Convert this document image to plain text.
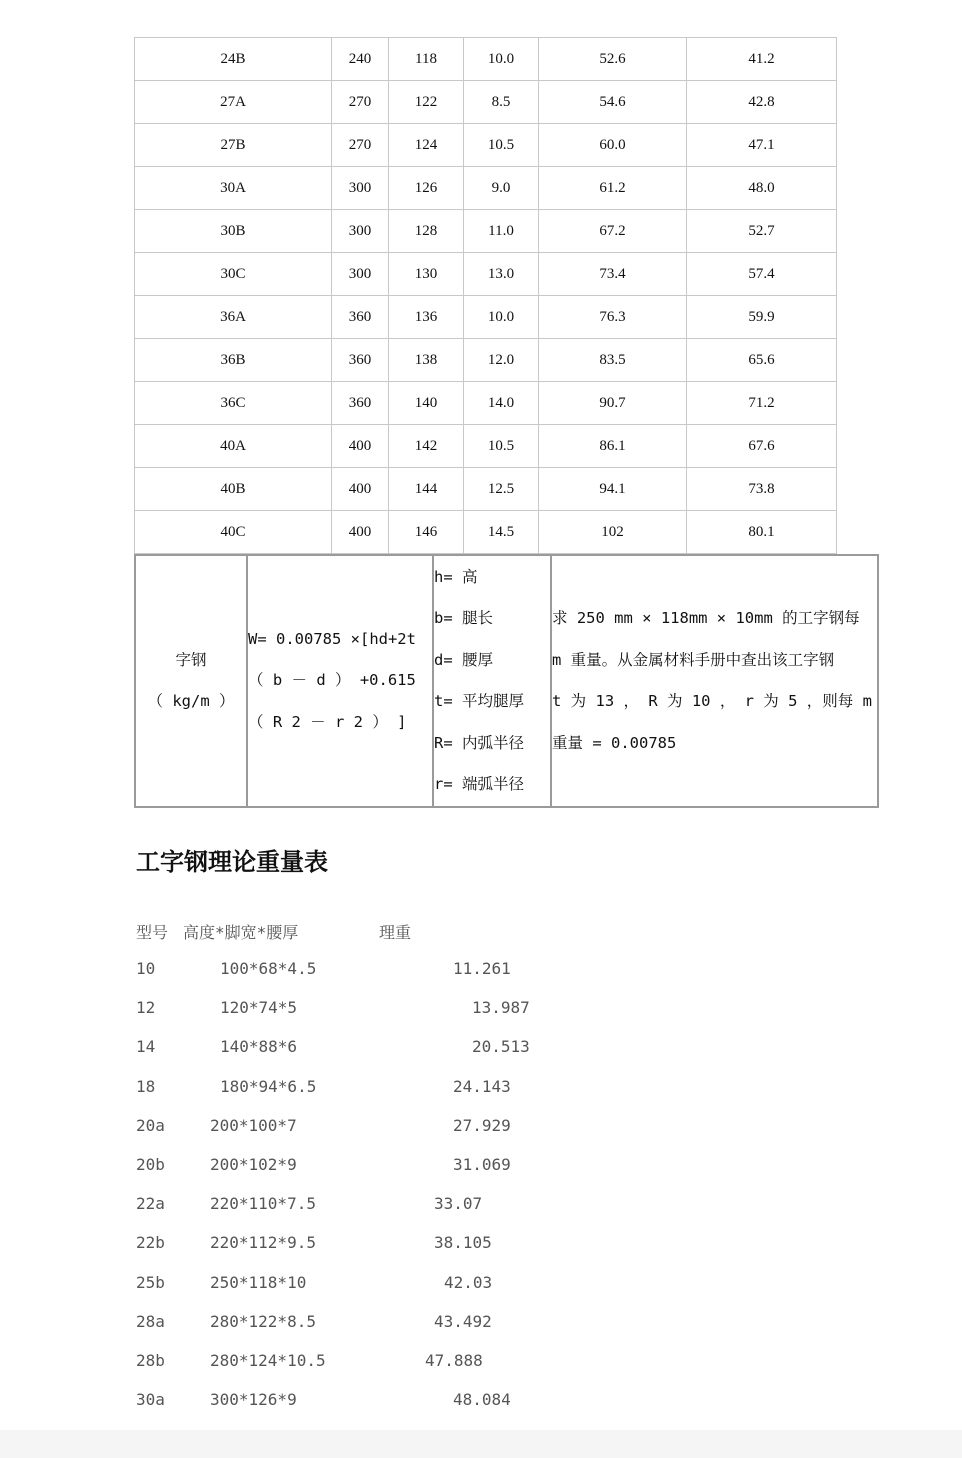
24B	240	118	10.0	52.6	41.2
27A	270	122	8.5	54.6	42.8
27B	270	124	10.5	60.0	47.1
30A	300	126	9.0	61.2	48.0
30B	300	128	11.0	67.2	52.7
30C	300	130	13.0	73.4	57.4
36A	360	136	10.0	76.3	59.9
36B	360	138	12.0	83.5	65.6
36C	360	140	14.0	90.7	71.2
40A	400	142	10.5	86.1	67.6
40B	400	144	12.5	94.1	73.8
40C	400	146	14.5	102	80.1
字钢
（ kg/m ）

W= 0.00785 ×[hd+2t
（ b － d ） +0.615
（ R 2 － r 2 ） ]

h= 高
b= 腿长
d= 腰厚
t= 平均腿厚
R= 内弧半径
r= 端弧半径

求 250 mm × 118mm × 10mm 的工字钢每
m 重量。从金属材料手册中查出该工字钢
t 为 13 ， R 为 10 ， r 为 5 ，则每 m
重量 = 0.00785
工字钢理论重量表
型号 高度*脚宽*腰厚	理重
10	100*68*4.5	11.261
12	120*74*5	13.987
14	140*88*6	20.513
18	180*94*6.5	24.143
20a	200*100*7	27.929
20b	200*102*9	31.069
22a	220*110*7.5	33.07
22b	220*112*9.5	38.105
25b	250*118*10	42.03
28a	280*122*8.5	43.492
28b	280*124*10.5	47.888
30a	300*126*9	48.084
